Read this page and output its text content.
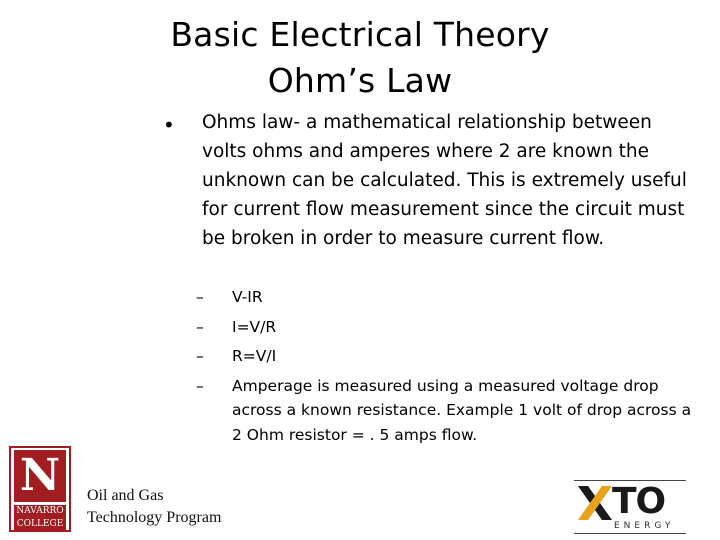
Basic Electrical Theory
Ohm’s Law
• Ohms law- a mathematical relationship between volts ohms and amperes where 2 are known the unknown can be calculated. This is extremely useful for current flow measurement since the circuit must be broken in order to measure current flow.
– V-IR
– I=V/R
– R=V/I
– Amperage is measured using a measured voltage drop across a known resistance. Example 1 volt of drop across a 2 Ohm resistor = . 5 amps flow.
N
NAVARRO
COLLEGE
Oil and Gas
Technology Program	TO
ENERGY
